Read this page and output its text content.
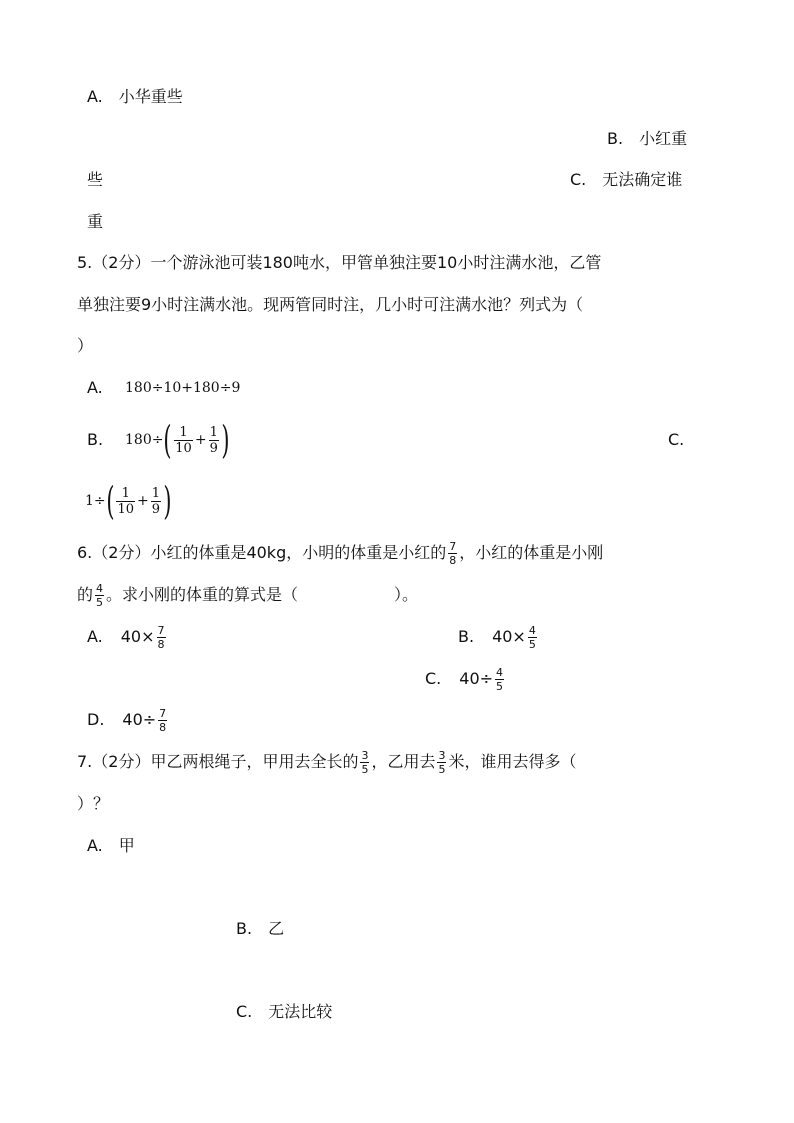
A.　小华重些
B.　小红重
些	C.　无法确定谁
重
5.（2分）一个游泳池可装180吨水，甲管单独注要10小时注满水池，乙管
单独注要9小时注满水池。现两管同时注，几小时可注满水池？列式为（
）
A. 180÷10+180÷9
B. 180÷ ( $\frac{1}{10} + \frac{1}{9}$ )	C.
1÷ ( $\frac{1}{10} + \frac{1}{9}$ )
6.（2分）小红的体重是40kg，小明的体重是小红的 $\frac{7}{8}$ ，小红的体重是小刚
的 $\frac{4}{5}$ 。求小刚的体重的算式是（	）。
A. $40\times \frac{7}{8}$	B. $40\times \frac{4}{5}$
C. $40\div \frac{4}{5}$
D. $40\div \frac{7}{8}$
7.（2分）甲乙两根绳子，甲用去全长的 $\frac{3}{5}$ ，乙用去 $\frac{3}{5}$ 米，谁用去得多（
）？
A.　甲
B.　乙
C.　无法比较
